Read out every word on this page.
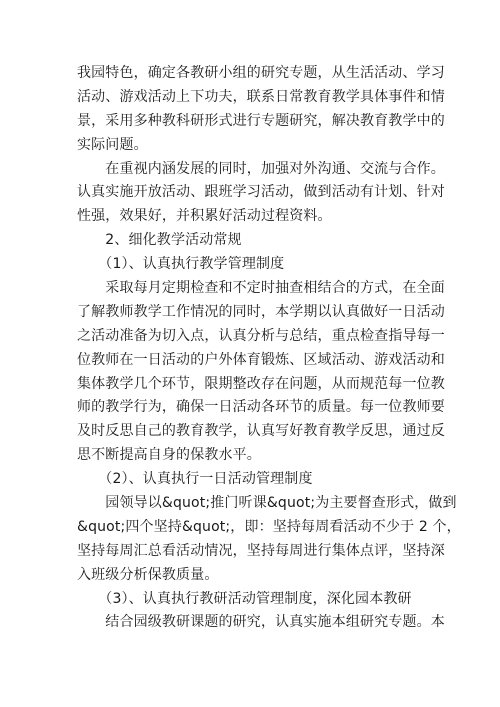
我园特色，确定各教研小组的研究专题，从生活活动、学习
活动、游戏活动上下功夫，联系日常教育教学具体事件和情
景，采用多种教科研形式进行专题研究，解决教育教学中的
实际问题。
　　在重视内涵发展的同时，加强对外沟通、交流与合作。
认真实施开放活动、跟班学习活动，做到活动有计划、针对
性强，效果好，并积累好活动过程资料。
　　2、细化教学活动常规
　　（1）、认真执行教学管理制度
　　采取每月定期检查和不定时抽查相结合的方式，在全面
了解教师教学工作情况的同时，本学期以认真做好一日活动
之活动准备为切入点，认真分析与总结，重点检查指导每一
位教师在一日活动的户外体育锻炼、区域活动、游戏活动和
集体教学几个环节，限期整改存在问题，从而规范每一位教
师的教学行为，确保一日活动各环节的质量。每一位教师要
及时反思自己的教育教学，认真写好教育教学反思，通过反
思不断提高自身的保教水平。
　　（2）、认真执行一日活动管理制度
　　园领导以&quot;推门听课&quot;为主要督查形式，做到
&quot;四个坚持&quot;，即：坚持每周看活动不少于 2 个，
坚持每周汇总看活动情况，坚持每周进行集体点评，坚持深
入班级分析保教质量。
　　（3）、认真执行教研活动管理制度，深化园本教研
　　结合园级教研课题的研究，认真实施本组研究专题。本
